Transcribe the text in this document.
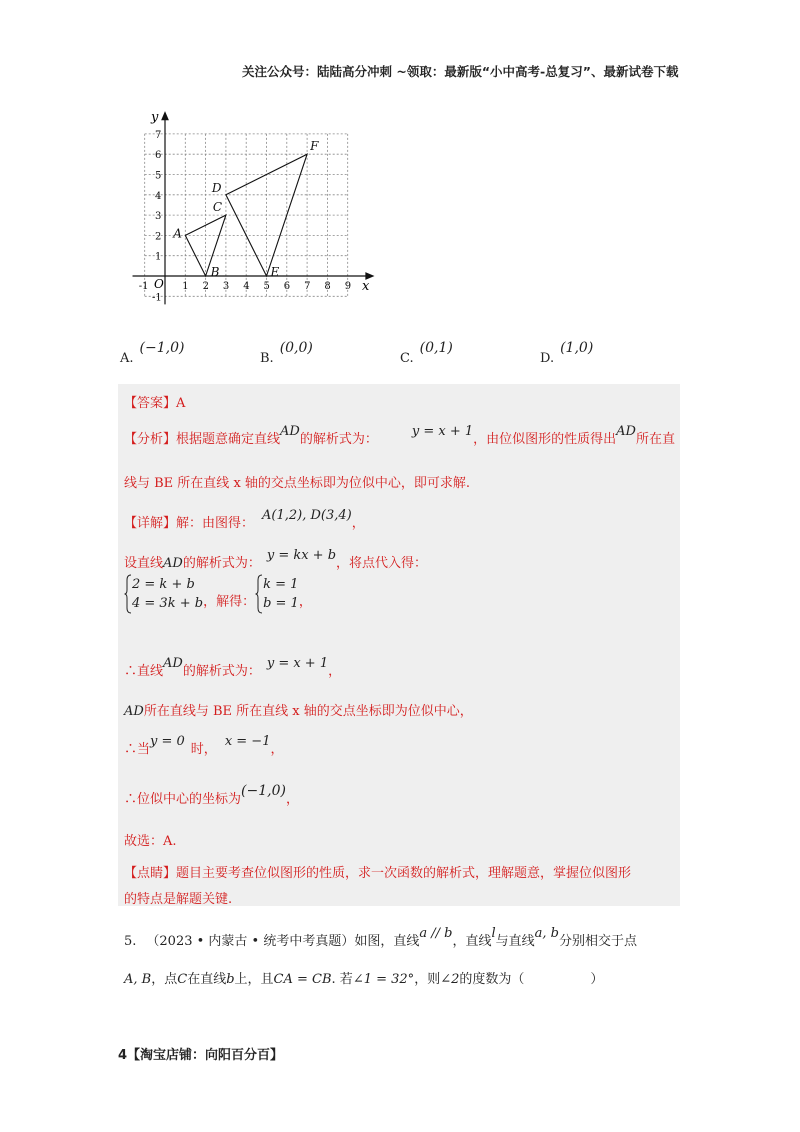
关注公众号：陆陆高分冲刺 ~领取：最新版“小中高考-总复习”、最新试卷下载
-1	1 2 3 4 5 6 7 8 9
-1
1
2
3
4
5
6
7
A
B
C
D
E
F
y
x
O
A.(−1,0)
B.(0,0)
C.(0,1)
D.(1,0)
【答案】A
【分析】根据题意确定直线AD的解析式为：y = x + 1，由位似图形的性质得出AD所在直
线与 BE 所在直线 x 轴的交点坐标即为位似中心，即可求解.
【详解】解：由图得：A(1,2), D(3,4)，
设直线AD的解析式为：y = kx + b，将点代入得：
2 = k + b
4 = 3k + b，解得：k = 1
b = 1，
∴直线AD的解析式为：y = x + 1，
AD所在直线与 BE 所在直线 x 轴的交点坐标即为位似中心，
∴当y = 0时，x = −1，
∴位似中心的坐标为(−1,0)，
故选：A.
【点睛】题目主要考查位似图形的性质，求一次函数的解析式，理解题意，掌握位似图形
的特点是解题关键.
5. （2023 • 内蒙古 • 统考中考真题）如图，直线a // b，直线l与直线a, b分别相交于点
A, B，点C在直线b上，且CA = CB. 若∠1 = 32°，则∠2的度数为（	）
4【淘宝店铺：向阳百分百】
